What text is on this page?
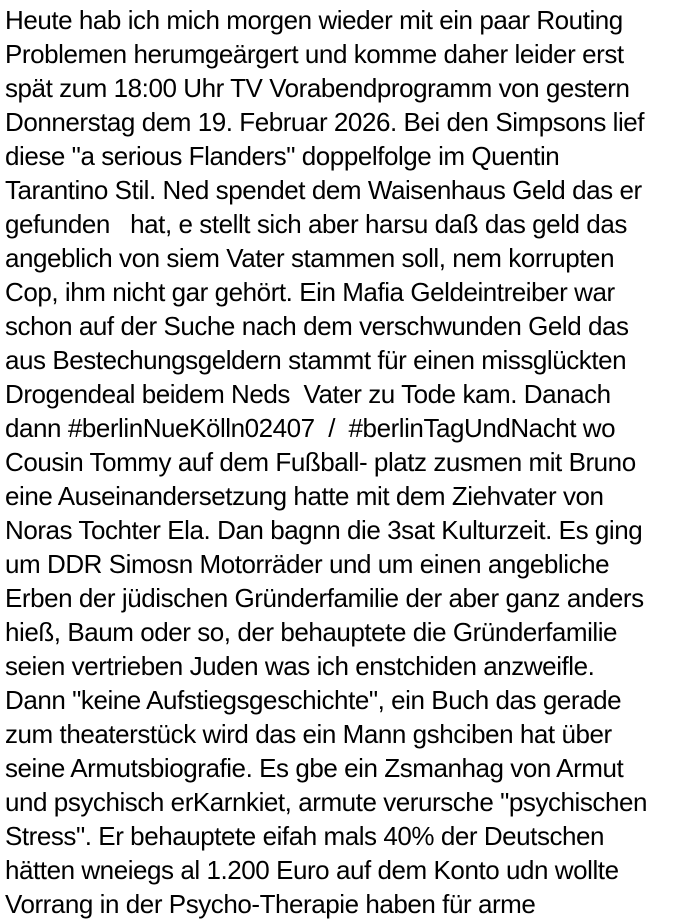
Heute hab ich mich morgen wieder mit ein paar Routing
Problemen herumgeärgert und komme daher leider erst
spät zum 18:00 Uhr TV Vorabendprogramm von gestern
Donnerstag dem 19. Februar 2026. Bei den Simpsons lief
diese "a serious Flanders" doppelfolge im Quentin
Tarantino Stil. Ned spendet dem Waisenhaus Geld das er
gefunden   hat, e stellt sich aber harsu daß das geld das
angeblich von siem Vater stammen soll, nem korrupten
Cop, ihm nicht gar gehört. Ein Mafia Geldeintreiber war
schon auf der Suche nach dem verschwunden Geld das
aus Bestechungsgeldern stammt für einen missglückten
Drogendeal beidem Neds  Vater zu Tode kam. Danach
dann #berlinNueKölln02407  /  #berlinTagUndNacht wo
Cousin Tommy auf dem Fußball- platz zusmen mit Bruno
eine Auseinandersetzung hatte mit dem Ziehvater von
Noras Tochter Ela. Dan bagnn die 3sat Kulturzeit. Es ging
um DDR Simosn Motorräder und um einen angebliche
Erben der jüdischen Gründerfamilie der aber ganz anders
hieß, Baum oder so, der behauptete die Gründerfamilie
seien vertrieben Juden was ich enstchiden anzweifle.
Dann "keine Aufstiegsgeschichte", ein Buch das gerade
zum theaterstück wird das ein Mann gshciben hat über
seine Armutsbiografie. Es gbe ein Zsmanhag von Armut
und psychisch erKarnkiet, armute verursche "psychischen
Stress". Er behauptete eifah mals 40% der Deutschen
hätten wneiegs al 1.200 Euro auf dem Konto udn wollte
Vorrang in der Psycho-Therapie haben für arme
